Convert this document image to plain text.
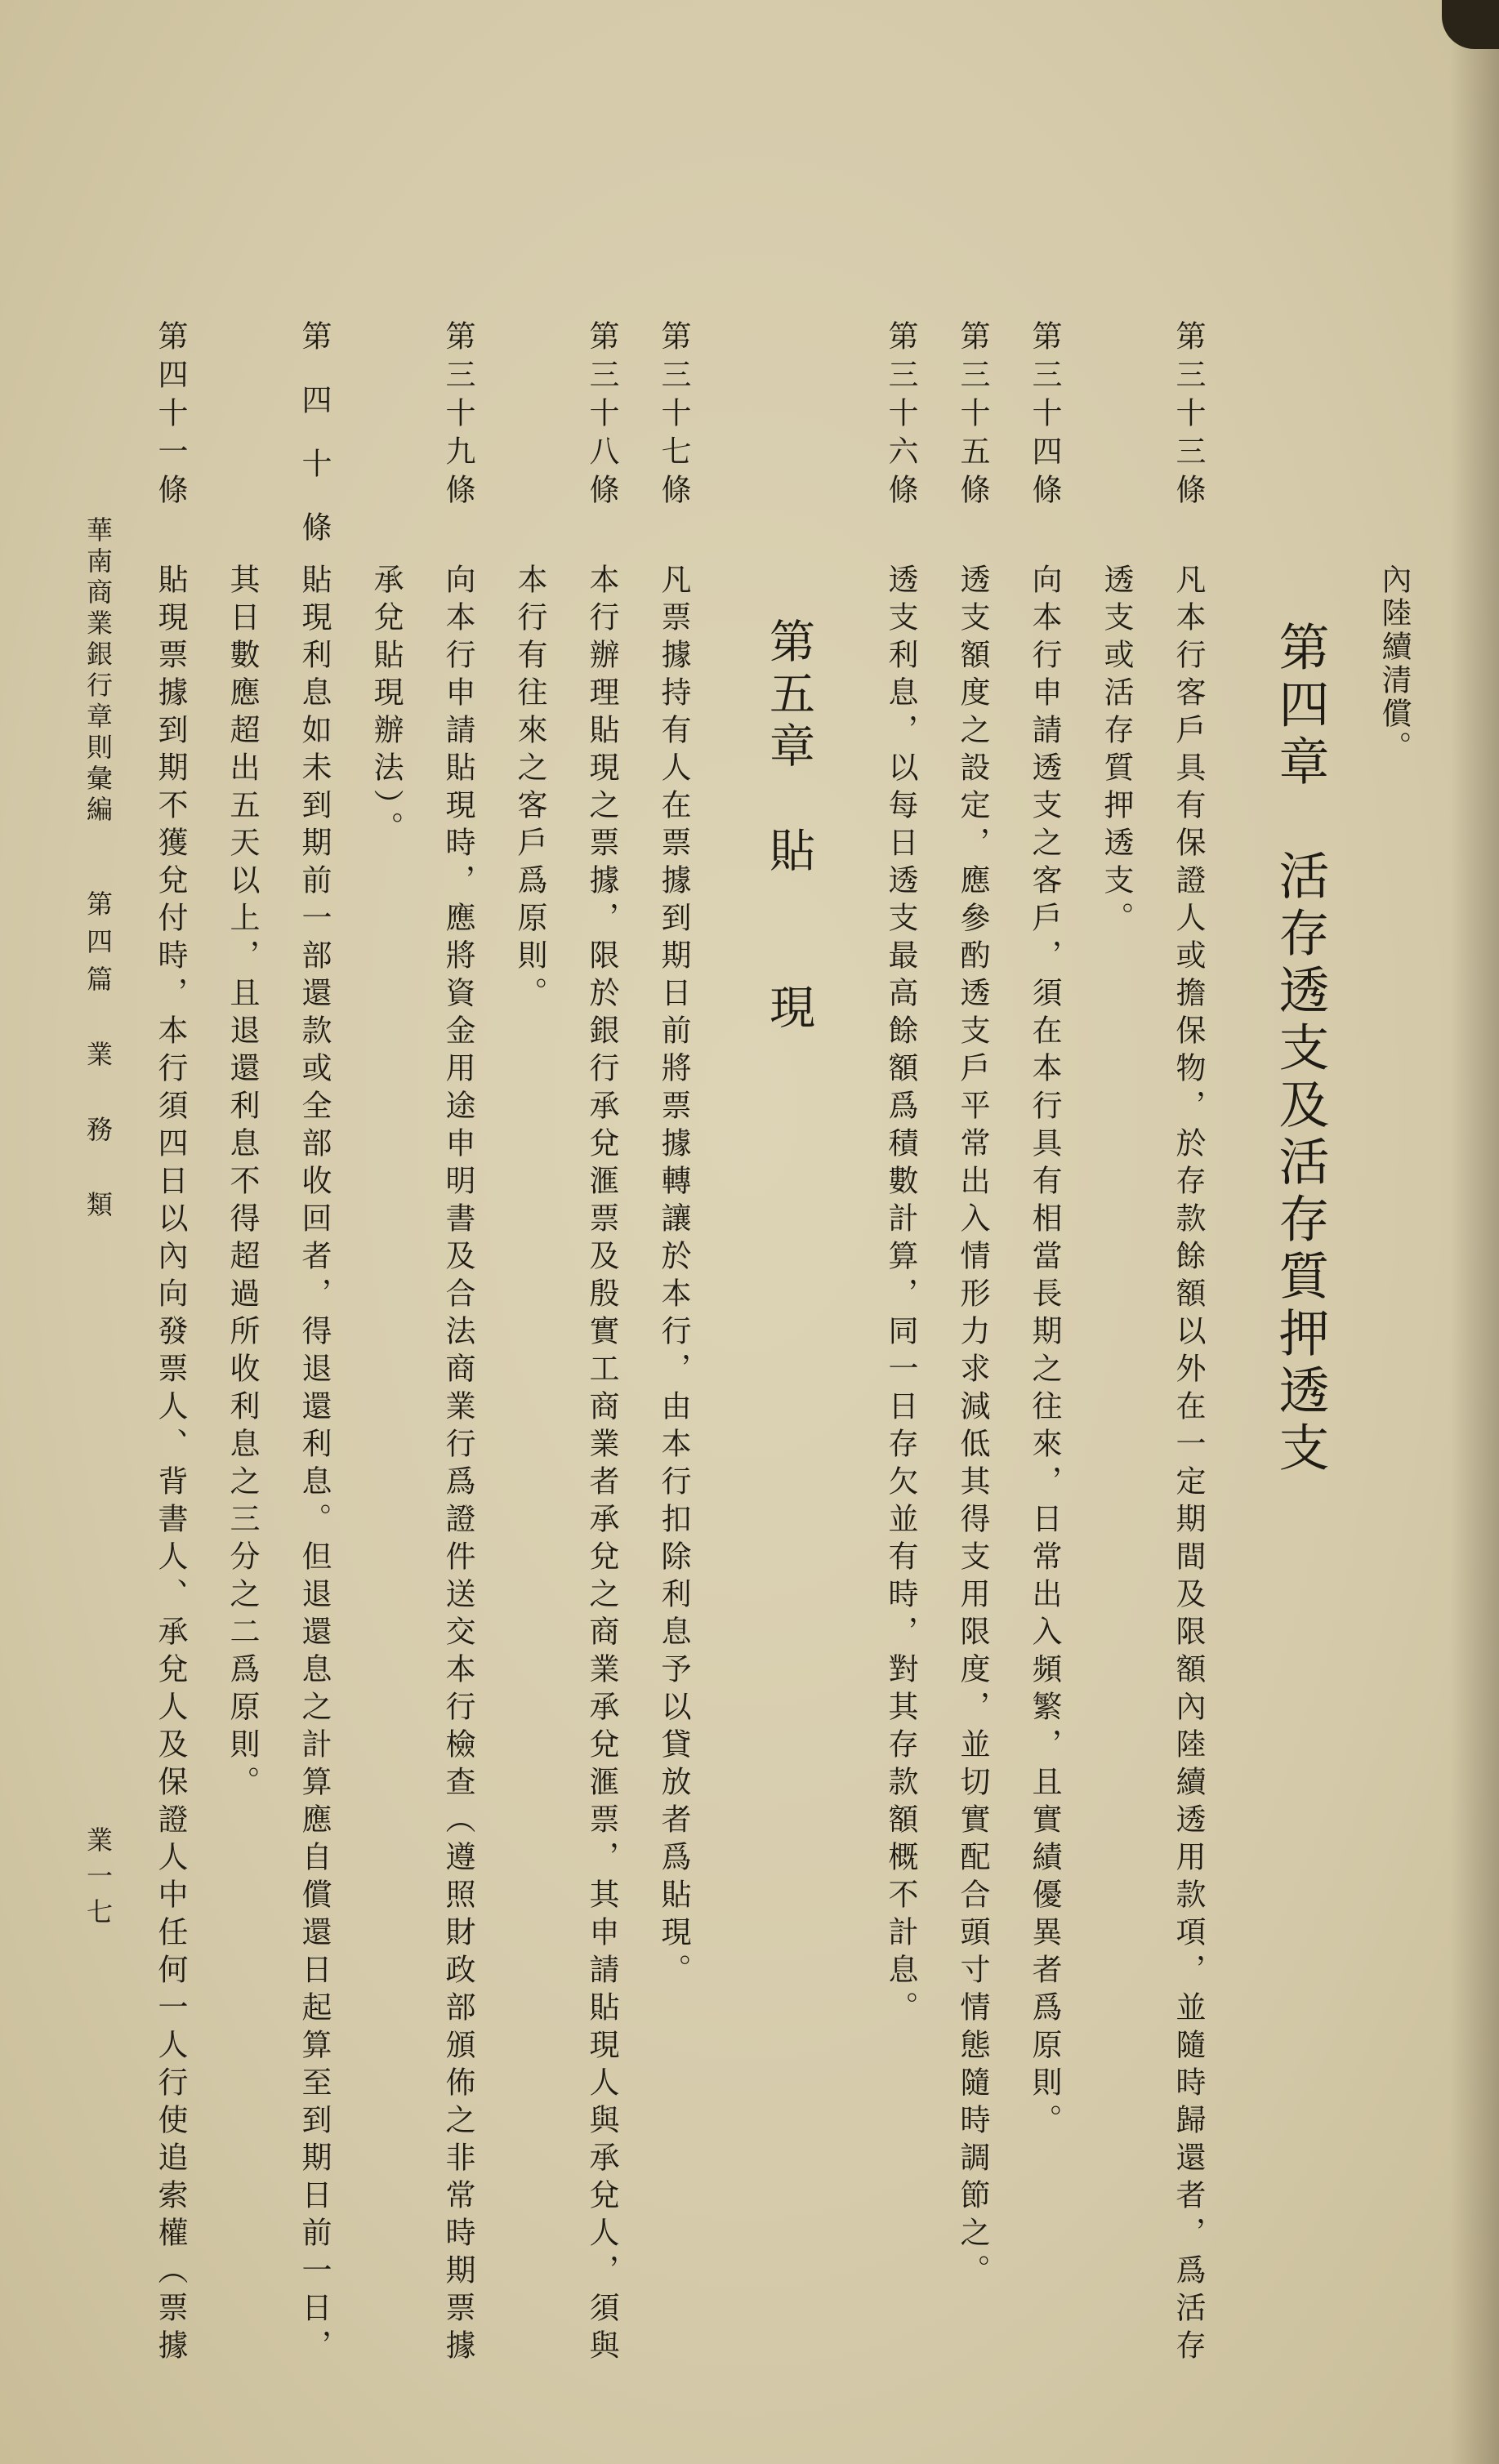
內陸續清償。
第四章　活存透支及活存質押透支
第三十三條
凡本行客戶具有保證人或擔保物，於存款餘額以外在一定期間及限額內陸續透用款項，並隨時歸還者，爲活存
透支或活存質押透支。
第三十四條
向本行申請透支之客戶，須在本行具有相當長期之往來，日常出入頻繁，且實績優異者爲原則。
第三十五條
透支額度之設定，應參酌透支戶平常出入情形力求減低其得支用限度，並切實配合頭寸情態隨時調節之。
第三十六條
透支利息，以每日透支最高餘額爲積數計算，同一日存欠並有時，對其存款額概不計息。
第五章　貼　　現
第三十七條
凡票據持有人在票據到期日前將票據轉讓於本行，由本行扣除利息予以貸放者爲貼現。
第三十八條
本行辦理貼現之票據，限於銀行承兌滙票及殷實工商業者承兌之商業承兌滙票，其申請貼現人與承兌人，須與
本行有往來之客戶爲原則。
第三十九條
向本行申請貼現時，應將資金用途申明書及合法商業行爲證件送交本行檢查（遵照財政部頒佈之非常時期票據
承兌貼現辦法）。
第　四　十　條
貼現利息如未到期前一部還款或全部收回者，得退還利息。但退還息之計算應自償還日起算至到期日前一日，
其日數應超出五天以上，且退還利息不得超過所收利息之三分之二爲原則。
第四十一條
貼現票據到期不獲兌付時，本行須四日以內向發票人、背書人、承兌人及保證人中任何一人行使追索權（票據
華南商業銀行章則彙編
第四篇　業　務　類
業一七
